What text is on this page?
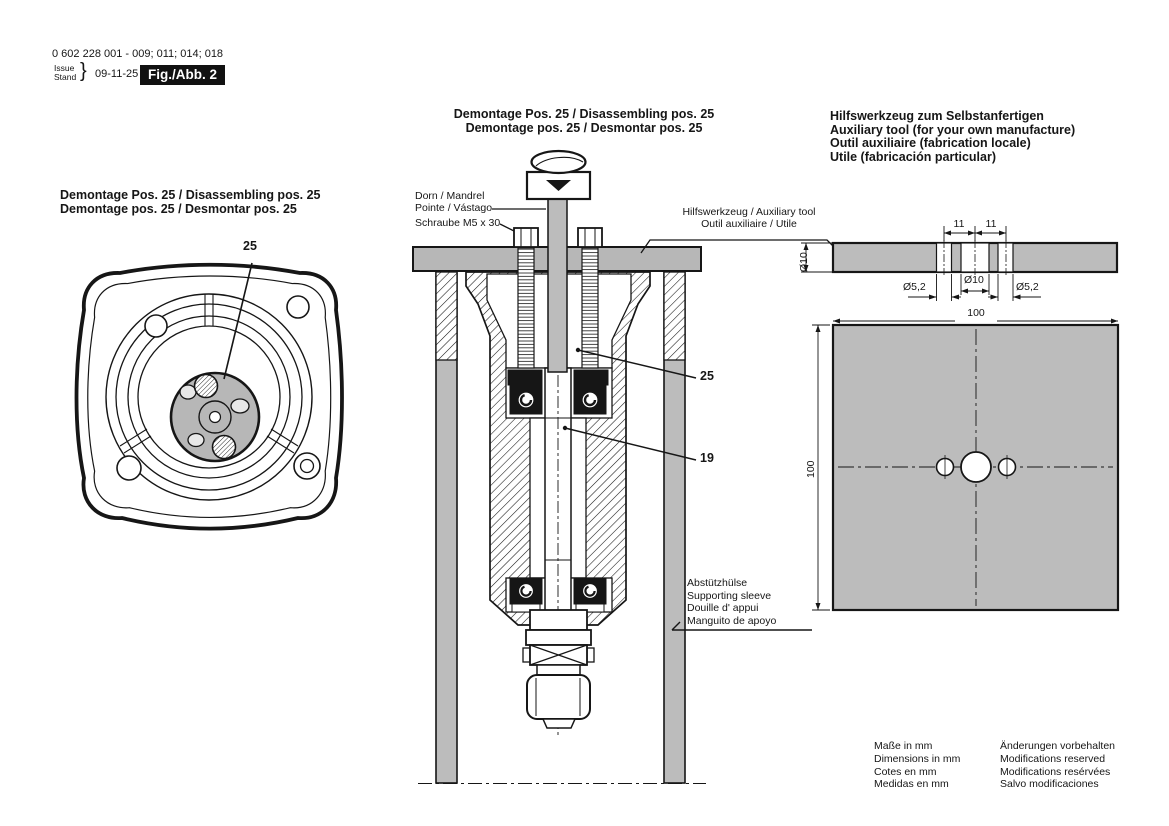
0 602 228 001 - 009; 011; 014; 018
Issue
Stand } 09-11-25 Fig./Abb. 2
Demontage Pos. 25 / Disassembling pos. 25
Demontage pos. 25 / Desmontar pos. 25
25
Demontage Pos. 25 / Disassembling pos. 25
Demontage pos. 25 / Desmontar pos. 25
Dorn / Mandrel
Pointe / Vástago
Schraube M5 x 30
Hilfswerkzeug / Auxiliary tool
Outil auxiliaire / Utile
25
19
Abstützhülse
Supporting sleeve
Douille d' appui
Manguito de apoyo
Hilfswerkzeug zum Selbstanfertigen
Auxiliary tool (for your own manufacture)
Outil auxiliaire (fabrication locale)
Utile (fabricación particular)
11	11
Ø10
Ø5,2
Ø10
Ø5,2
100
100
Maße in mm
Dimensions in mm
Cotes en mm
Medidas en mm
Änderungen vorbehalten
Modifications reserved
Modifications resérvées
Salvo modificaciones
